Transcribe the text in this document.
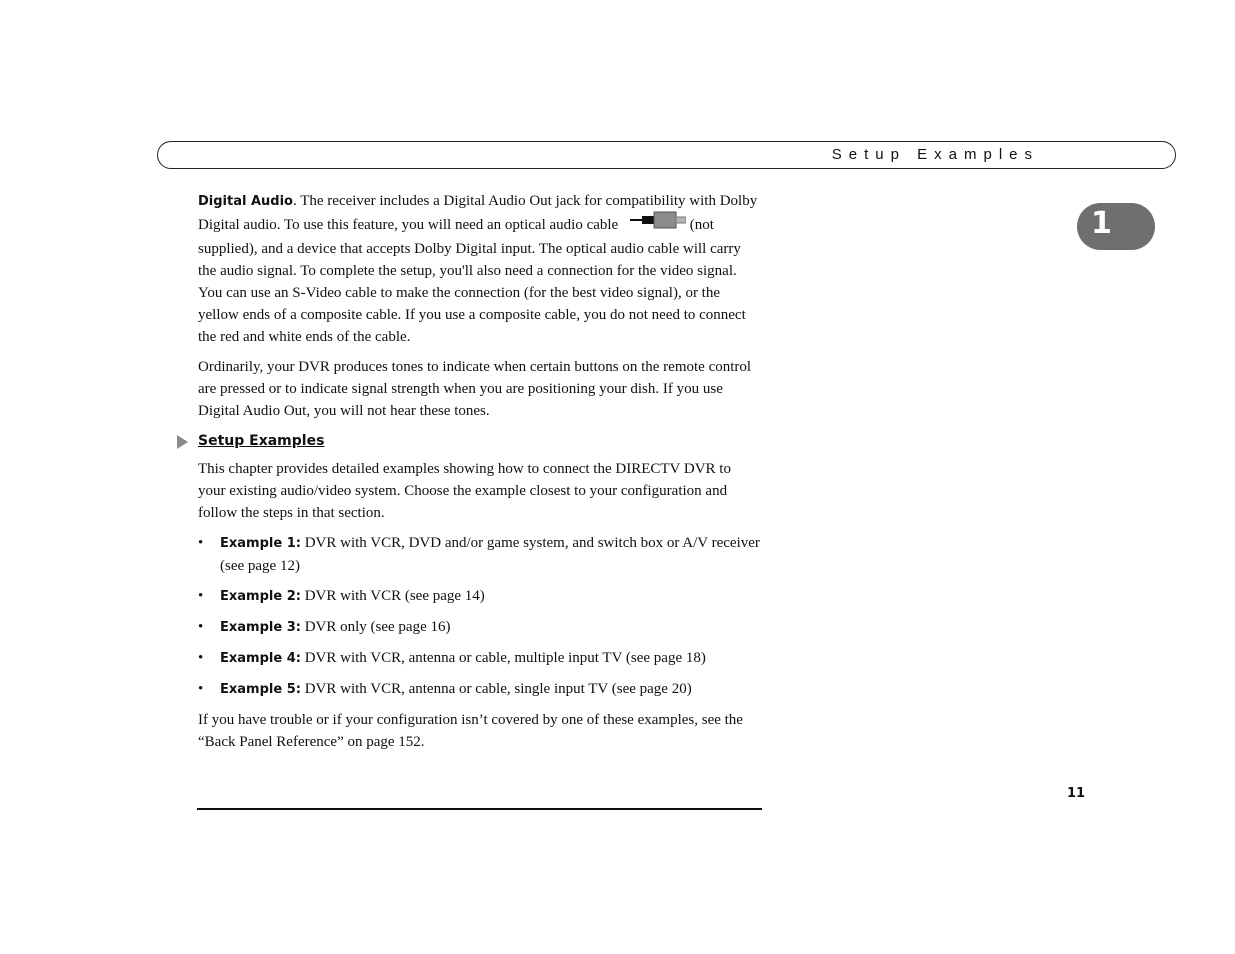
Setup Examples
1

Digital Audio. The receiver includes a Digital Audio Out jack for compatibility with Dolby Digital audio. To use this feature, you will need an optical audio cable	(not supplied), and a device that accepts Dolby Digital input. The optical audio cable will carry the audio signal. To complete the setup, you'll also need a connection for the video signal. You can use an S-Video cable to make the connection (for the best video signal), or the yellow ends of a composite cable. If you use a composite cable, you do not need to connect the red and white ends of the cable.

Ordinarily, your DVR produces tones to indicate when certain buttons on the remote control are pressed or to indicate signal strength when you are positioning your dish. If you use Digital Audio Out, you will not hear these tones.

Setup Examples

This chapter provides detailed examples showing how to connect the DIRECTV DVR to your existing audio/video system. Choose the example closest to your configuration and follow the steps in that section.

• Example 1: DVR with VCR, DVD and/or game system, and switch box or A/V receiver (see page 12)
• Example 2: DVR with VCR (see page 14)
• Example 3: DVR only (see page 16)
• Example 4: DVR with VCR, antenna or cable, multiple input TV (see page 18)
• Example 5: DVR with VCR, antenna or cable, single input TV (see page 20)

If you have trouble or if your configuration isn’t covered by one of these examples, see the “Back Panel Reference” on page 152.

11
